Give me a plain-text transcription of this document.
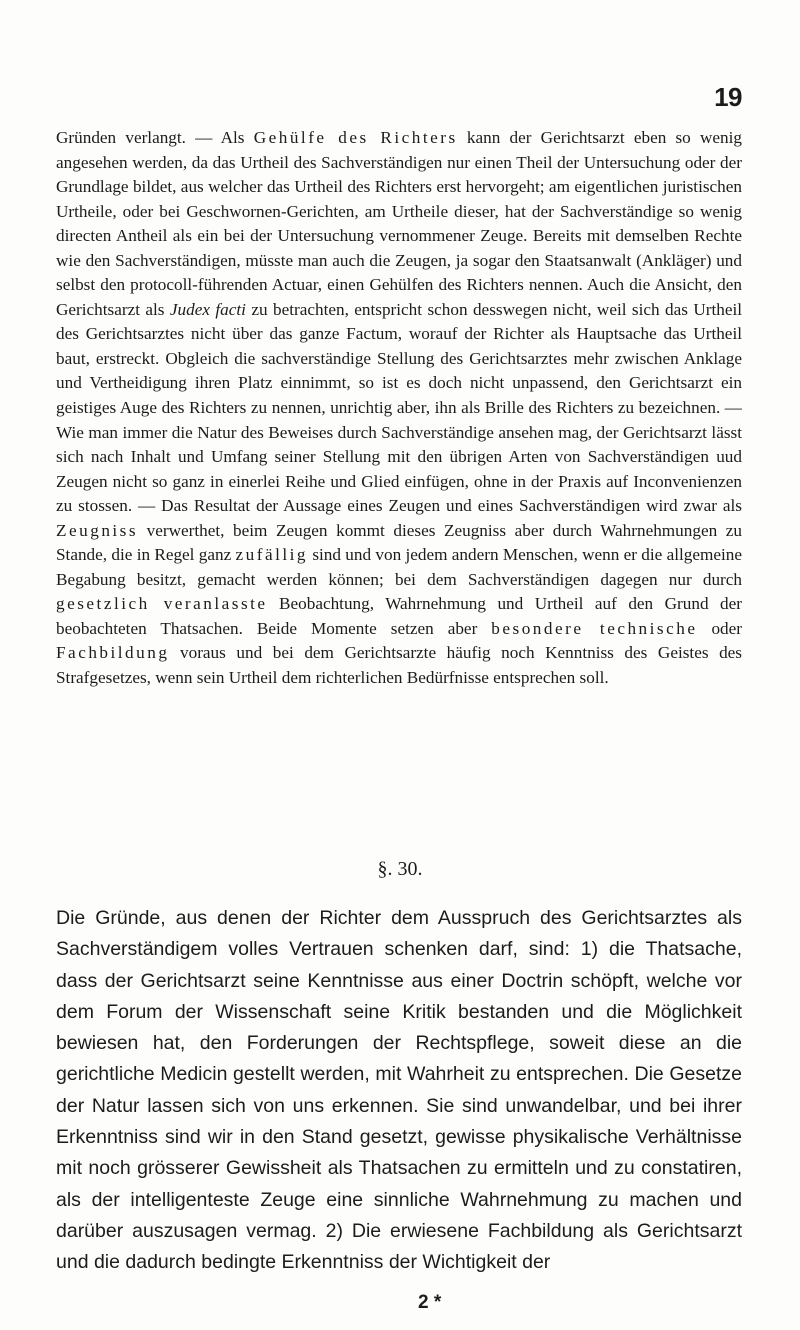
19

Gründen verlangt. — Als Gehülfe des Richters kann der Gerichtsarzt eben so wenig angesehen werden, da das Urtheil des Sachverständigen nur einen Theil der Untersuchung oder der Grundlage bildet, aus welcher das Urtheil des Richters erst hervorgeht; am eigentlichen juristischen Urtheile, oder bei Geschwornen-Gerichten, am Urtheile dieser, hat der Sachverständige so wenig directen Antheil als ein bei der Untersuchung vernommener Zeuge. Bereits mit demselben Rechte wie den Sachverständigen, müsste man auch die Zeugen, ja sogar den Staatsanwalt (Ankläger) und selbst den protocoll-führenden Actuar, einen Gehülfen des Richters nennen. Auch die Ansicht, den Gerichtsarzt als Judex facti zu betrachten, entspricht schon desswegen nicht, weil sich das Urtheil des Gerichtsarztes nicht über das ganze Factum, worauf der Richter als Hauptsache das Urtheil baut, erstreckt. Obgleich die sachverständige Stellung des Gerichtsarztes mehr zwischen Anklage und Vertheidigung ihren Platz einnimmt, so ist es doch nicht unpassend, den Gerichtsarzt ein geistiges Auge des Richters zu nennen, unrichtig aber, ihn als Brille des Richters zu bezeichnen. — Wie man immer die Natur des Beweises durch Sachverständige ansehen mag, der Gerichtsarzt lässt sich nach Inhalt und Umfang seiner Stellung mit den übrigen Arten von Sachverständigen uud Zeugen nicht so ganz in einerlei Reihe und Glied einfügen, ohne in der Praxis auf Inconvenienzen zu stossen. — Das Resultat der Aussage eines Zeugen und eines Sachverständigen wird zwar als Zeugniss verwerthet, beim Zeugen kommt dieses Zeugniss aber durch Wahrnehmungen zu Stande, die in Regel ganz zufällig sind und von jedem andern Menschen, wenn er die allgemeine Begabung besitzt, gemacht werden können; bei dem Sachverständigen dagegen nur durch gesetzlich veranlasste Beobachtung, Wahrnehmung und Urtheil auf den Grund der beobachteten Thatsachen. Beide Momente setzen aber besondere technische oder Fachbildung voraus und bei dem Gerichtsarzte häufig noch Kenntniss des Geistes des Strafgesetzes, wenn sein Urtheil dem richterlichen Bedürfnisse entsprechen soll.

§. 30.

Die Gründe, aus denen der Richter dem Ausspruch des Gerichtsarztes als Sachverständigem volles Vertrauen schenken darf, sind: 1) die Thatsache, dass der Gerichtsarzt seine Kenntnisse aus einer Doctrin schöpft, welche vor dem Forum der Wissenschaft seine Kritik bestanden und die Möglichkeit bewiesen hat, den Forderungen der Rechtspflege, soweit diese an die gerichtliche Medicin gestellt werden, mit Wahrheit zu entsprechen. Die Gesetze der Natur lassen sich von uns erkennen. Sie sind unwandelbar, und bei ihrer Erkenntniss sind wir in den Stand gesetzt, gewisse physikalische Verhältnisse mit noch grösserer Gewissheit als Thatsachen zu ermitteln und zu constatiren, als der intelligenteste Zeuge eine sinnliche Wahrnehmung zu machen und darüber auszusagen vermag. 2) Die erwiesene Fachbildung als Gerichtsarzt und die dadurch bedingte Erkenntniss der Wichtigkeit der

2 *
